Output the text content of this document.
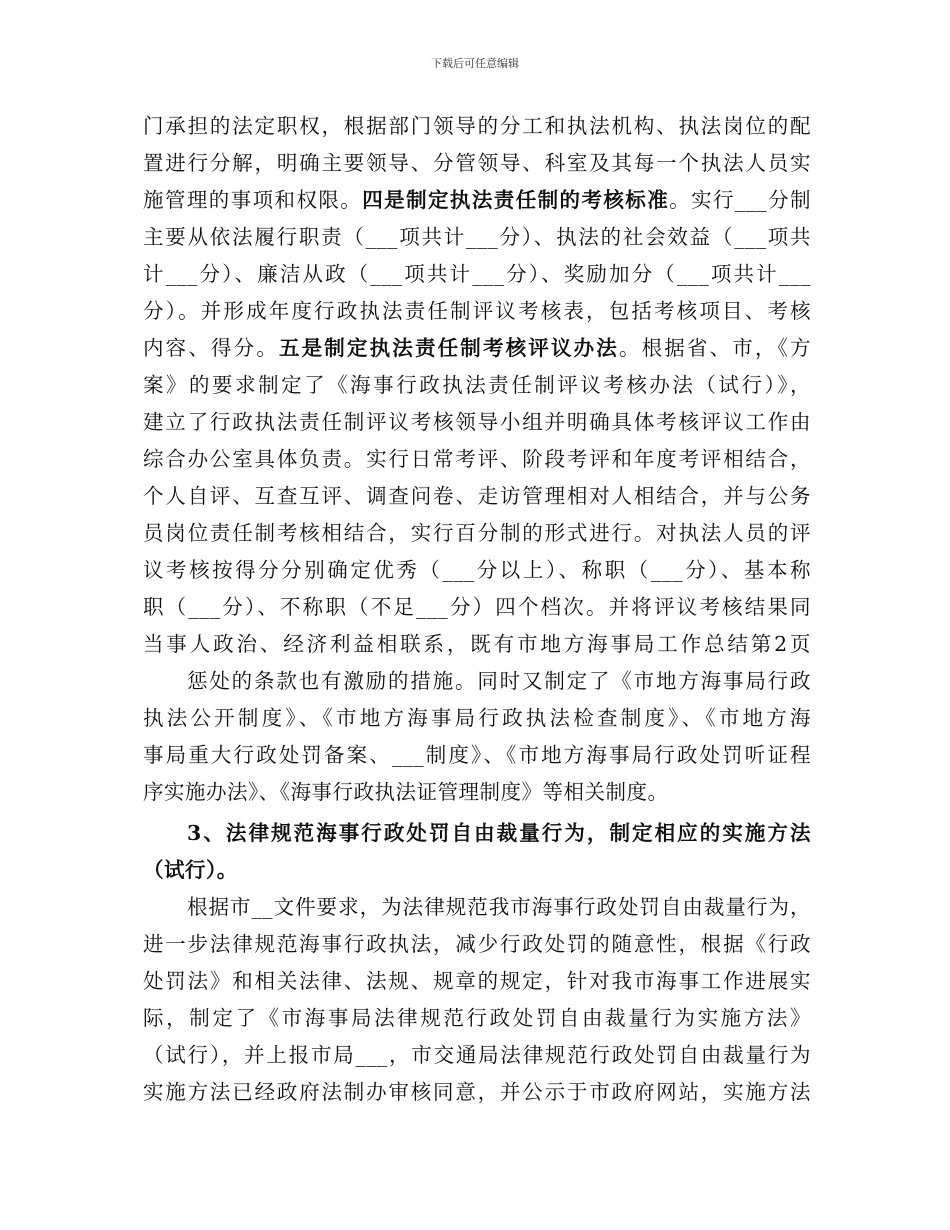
下载后可任意编辑
门承担的法定职权，根据部门领导的分工和执法机构、执法岗位的配
置进行分解，明确主要领导、分管领导、科室及其每一个执法人员实
施管理的事项和权限。四是制定执法责任制的考核标准。实行___分制
主要从依法履行职责（___项共计___分）、执法的社会效益（___项共
计___分）、廉洁从政（___项共计___分）、奖励加分（___项共计___
分）。并形成年度行政执法责任制评议考核表，包括考核项目、考核
内容、得分。五是制定执法责任制考核评议办法。根据省、市，《方
案》的要求制定了《海事行政执法责任制评议考核办法（试行）》，
建立了行政执法责任制评议考核领导小组并明确具体考核评议工作由
综合办公室具体负责。实行日常考评、阶段考评和年度考评相结合，
个人自评、互查互评、调查问卷、走访管理相对人相结合，并与公务
员岗位责任制考核相结合，实行百分制的形式进行。对执法人员的评
议考核按得分分别确定优秀（___分以上）、称职（___分）、基本称
职（___分）、不称职（不足___分）四个档次。并将评议考核结果同
当事人政治、经济利益相联系，既有市地方海事局工作总结第2页
惩处的条款也有激励的措施。同时又制定了《市地方海事局行政
执法公开制度》、《市地方海事局行政执法检查制度》、《市地方海
事局重大行政处罚备案、___制度》、《市地方海事局行政处罚听证程
序实施办法》、《海事行政执法证管理制度》等相关制度。
3、法律规范海事行政处罚自由裁量行为，制定相应的实施方法
（试行）。
根据市__文件要求，为法律规范我市海事行政处罚自由裁量行为，
进一步法律规范海事行政执法，减少行政处罚的随意性，根据《行政
处罚法》和相关法律、法规、规章的规定，针对我市海事工作进展实
际，制定了《市海事局法律规范行政处罚自由裁量行为实施方法》
（试行），并上报市局___，市交通局法律规范行政处罚自由裁量行为
实施方法已经政府法制办审核同意，并公示于市政府网站，实施方法
